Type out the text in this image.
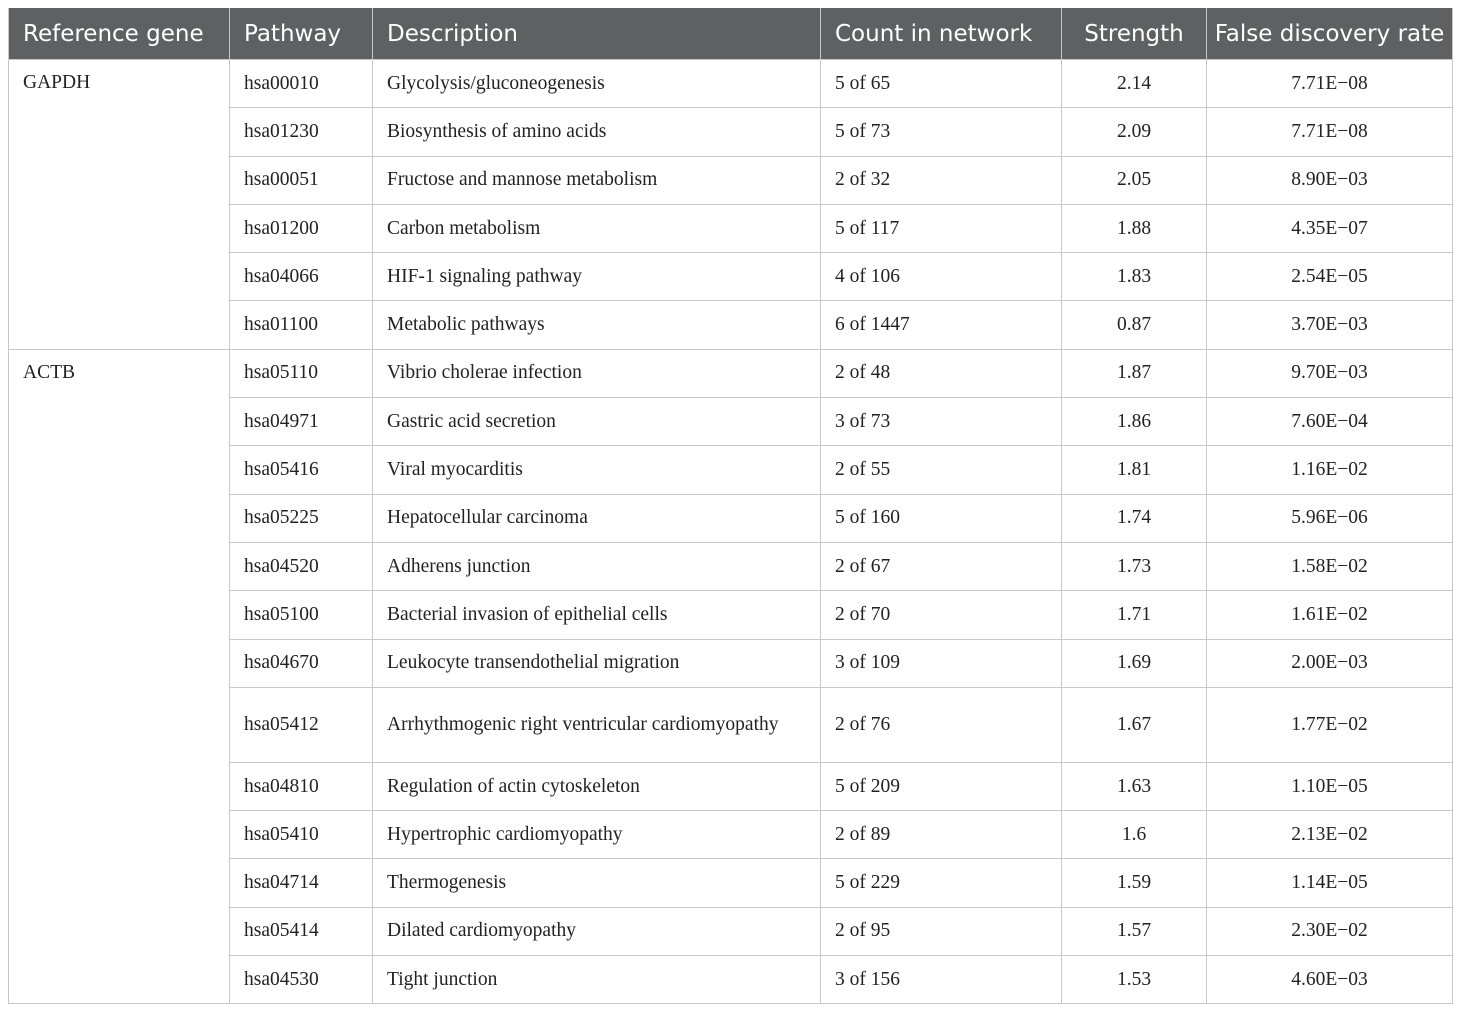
Reference gene	Pathway	Description	Count in network	Strength	False discovery rate
GAPDH	hsa00010	Glycolysis/gluconeogenesis	5 of 65	2.14	7.71E−08
	hsa01230	Biosynthesis of amino acids	5 of 73	2.09	7.71E−08
	hsa00051	Fructose and mannose metabolism	2 of 32	2.05	8.90E−03
	hsa01200	Carbon metabolism	5 of 117	1.88	4.35E−07
	hsa04066	HIF-1 signaling pathway	4 of 106	1.83	2.54E−05
	hsa01100	Metabolic pathways	6 of 1447	0.87	3.70E−03
ACTB	hsa05110	Vibrio cholerae infection	2 of 48	1.87	9.70E−03
	hsa04971	Gastric acid secretion	3 of 73	1.86	7.60E−04
	hsa05416	Viral myocarditis	2 of 55	1.81	1.16E−02
	hsa05225	Hepatocellular carcinoma	5 of 160	1.74	5.96E−06
	hsa04520	Adherens junction	2 of 67	1.73	1.58E−02
	hsa05100	Bacterial invasion of epithelial cells	2 of 70	1.71	1.61E−02
	hsa04670	Leukocyte transendothelial migration	3 of 109	1.69	2.00E−03
	hsa05412	Arrhythmogenic right ventricular cardiomyopathy	2 of 76	1.67	1.77E−02
	hsa04810	Regulation of actin cytoskeleton	5 of 209	1.63	1.10E−05
	hsa05410	Hypertrophic cardiomyopathy	2 of 89	1.6	2.13E−02
	hsa04714	Thermogenesis	5 of 229	1.59	1.14E−05
	hsa05414	Dilated cardiomyopathy	2 of 95	1.57	2.30E−02
	hsa04530	Tight junction	3 of 156	1.53	4.60E−03
